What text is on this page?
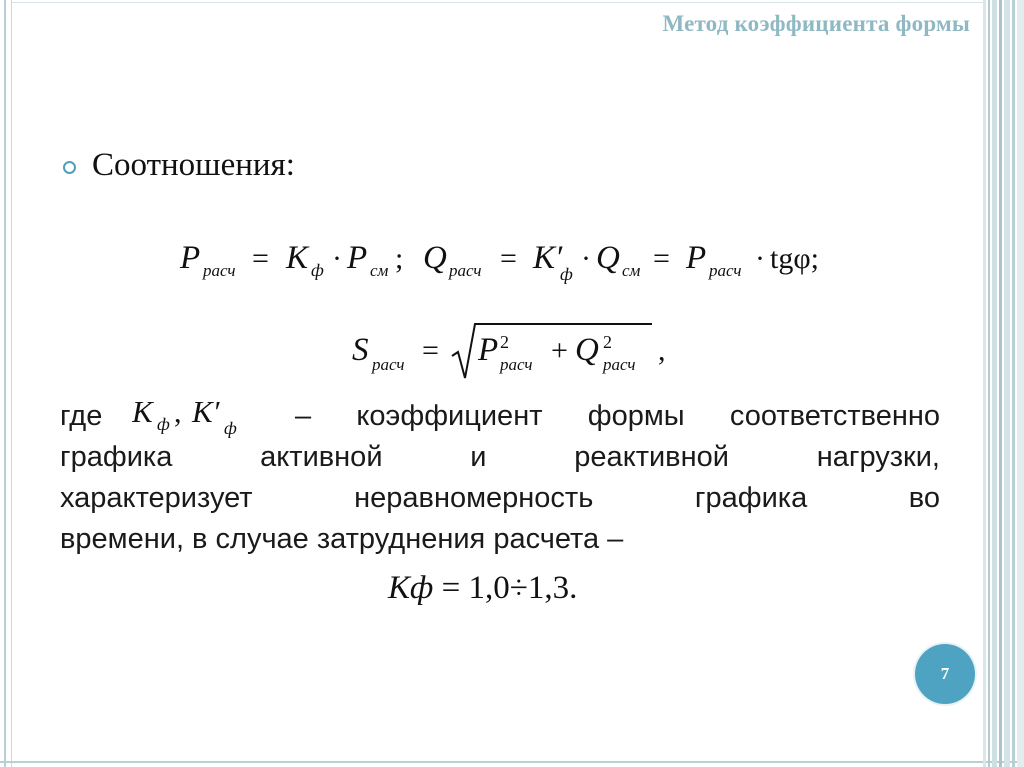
Метод коэффициента формы
Соотношения:
P расч = K ф · P см ; Q расч = K′
ф · Q см = P расч · tgφ;
S расч = P 2
расч + Q 2
расч ,
где K ф , K′ ф – коэффициент формы соответственно
графика активной и реактивной нагрузки,
характеризует неравномерность графика во
времени, в случае затруднения расчета –
Кф = 1,0÷1,3.
7
